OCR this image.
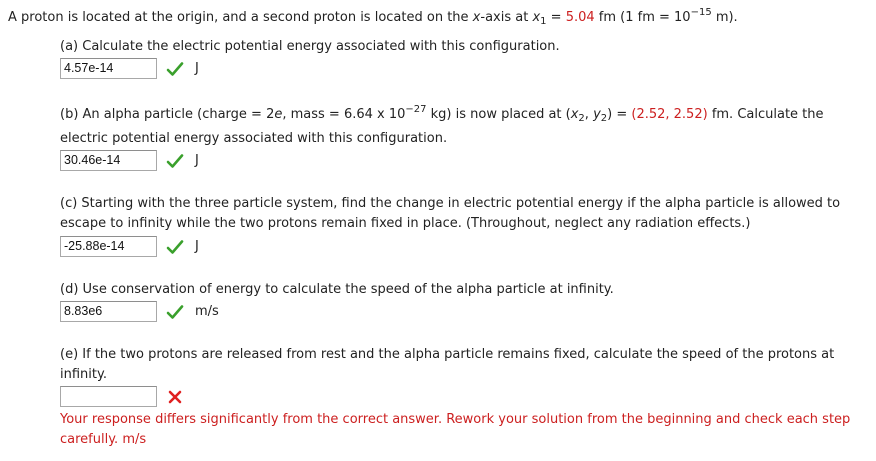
A proton is located at the origin, and a second proton is located on the x-axis at $x_1 = 5.04$ fm (1 fm = $10^{-15}$ m).
(a) Calculate the electric potential energy associated with this configuration.
4.57e-14	J
(b) An alpha particle (charge = 2e, mass = 6.64 x $10^{-27}$ kg) is now placed at ($x_2$, $y_2) = (2.52$, 2.52) fm. Calculate the
electric potential energy associated with this configuration.
30.46e-14	J
(c) Starting with the three particle system, find the change in electric potential energy if the alpha particle is allowed to
escape to infinity while the two protons remain fixed in place. (Throughout, neglect any radiation effects.)
-25.88e-14	J
(d) Use conservation of energy to calculate the speed of the alpha particle at infinity.
8.83e6	m/s
(e) If the two protons are released from rest and the alpha particle remains fixed, calculate the speed of the protons at
infinity.
Your response differs significantly from the correct answer. Rework your solution from the beginning and check each step carefully. m/s
